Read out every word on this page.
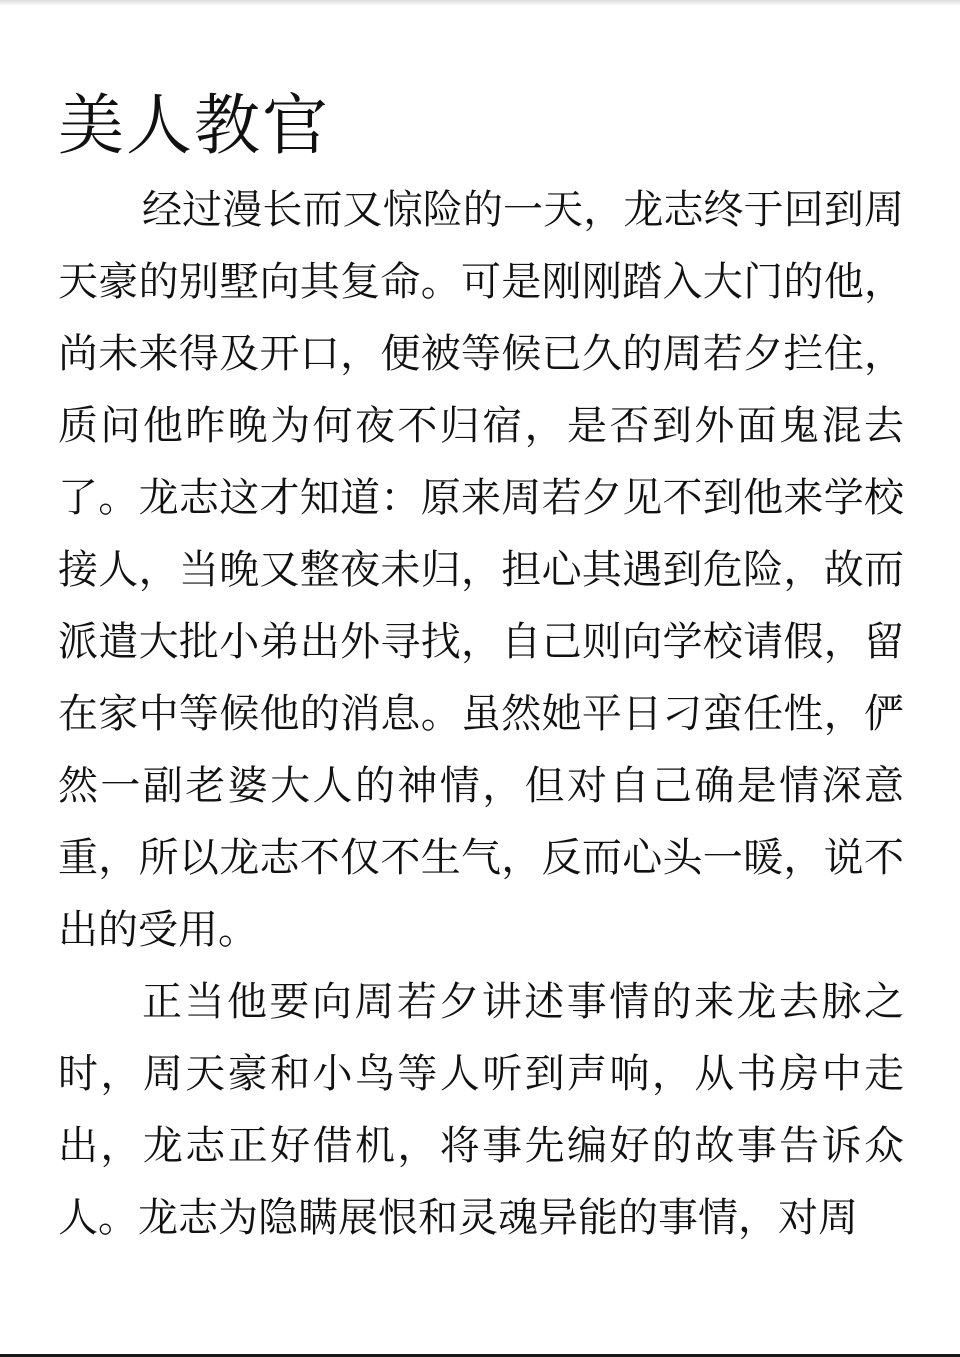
美人教官

经过漫长而又惊险的一天，龙志终于回到周天豪的别墅向其复命。可是刚刚踏入大门的他，尚未来得及开口，便被等候已久的周若夕拦住，质问他昨晚为何夜不归宿，是否到外面鬼混去了。龙志这才知道：原来周若夕见不到他来学校接人，当晚又整夜未归，担心其遇到危险，故而派遣大批小弟出外寻找，自己则向学校请假，留在家中等候他的消息。虽然她平日刁蛮任性，俨然一副老婆大人的神情，但对自己确是情深意重，所以龙志不仅不生气，反而心头一暖，说不出的受用。

正当他要向周若夕讲述事情的来龙去脉之时，周天豪和小鸟等人听到声响，从书房中走出，龙志正好借机，将事先编好的故事告诉众人。龙志为隐瞒展恨和灵魂异能的事情，对周
